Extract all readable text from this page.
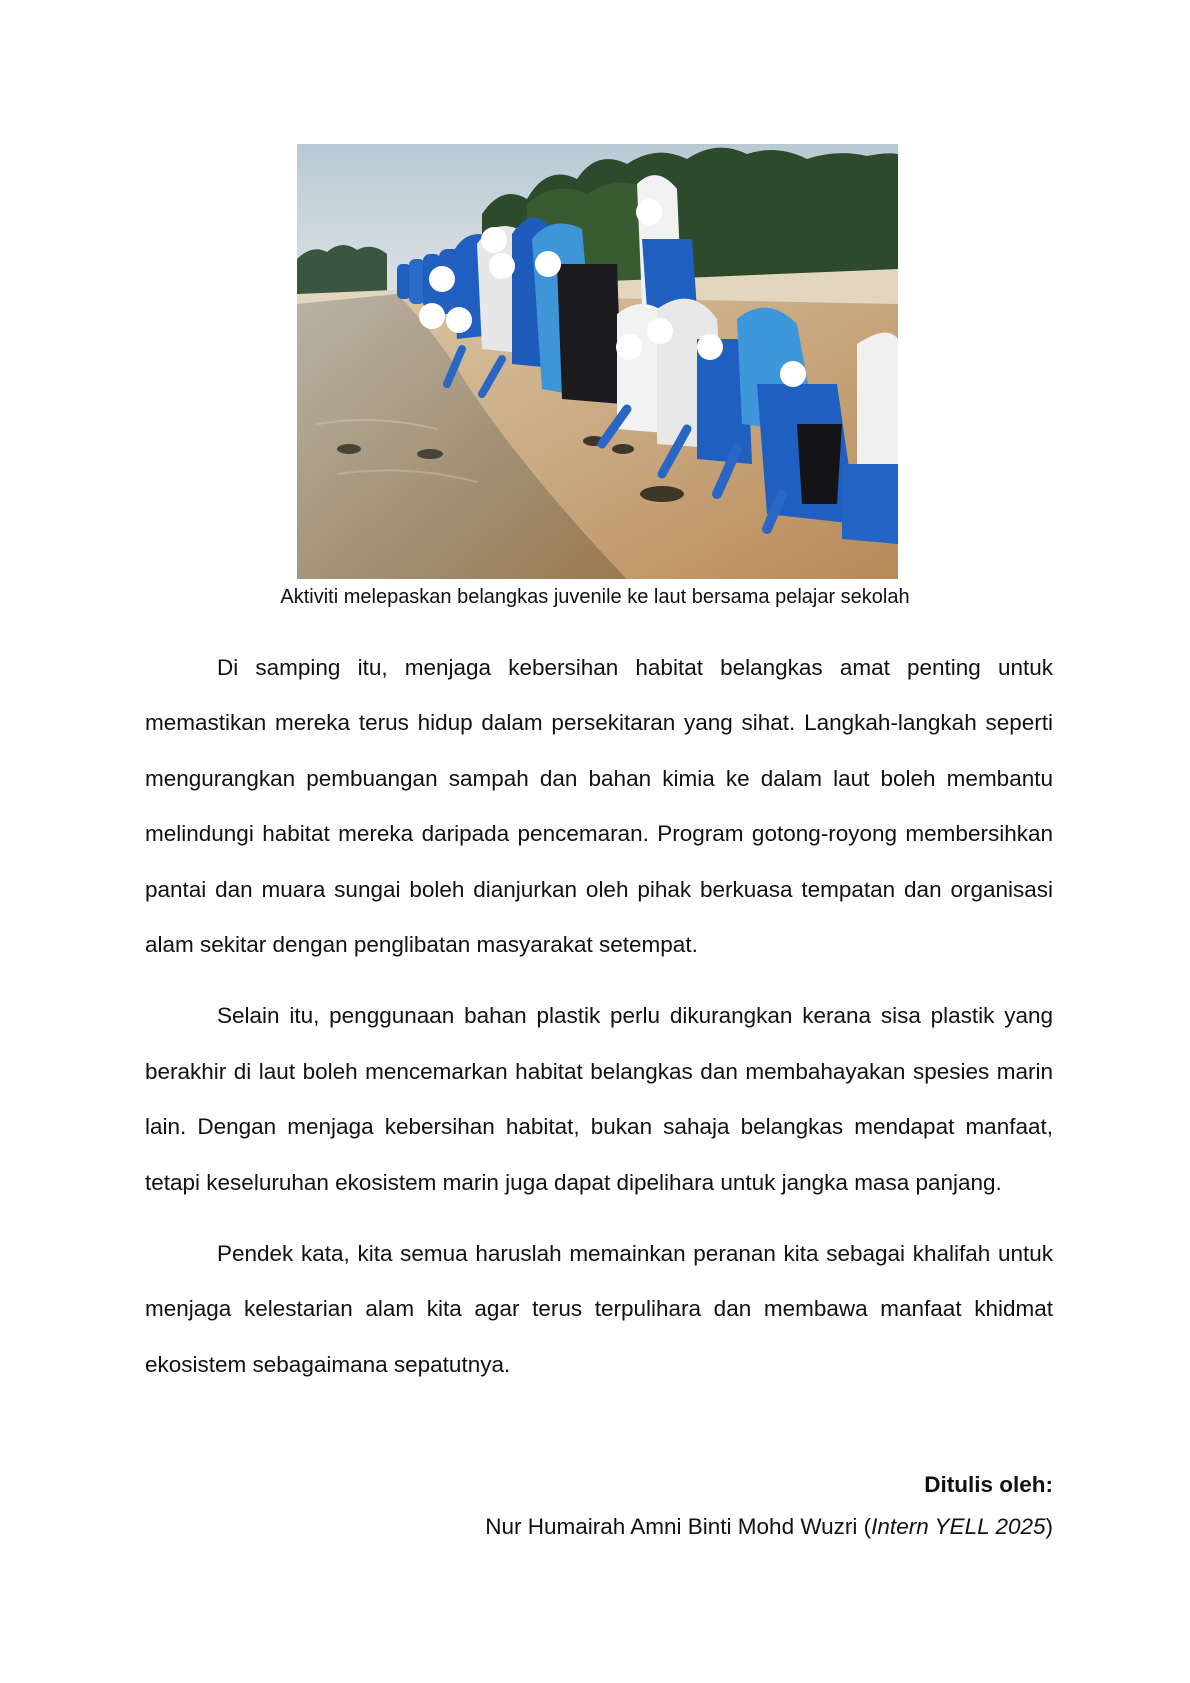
Aktiviti melepaskan belangkas juvenile ke laut bersama pelajar sekolah

Di samping itu, menjaga kebersihan habitat belangkas amat penting untuk memastikan mereka terus hidup dalam persekitaran yang sihat. Langkah-langkah seperti mengurangkan pembuangan sampah dan bahan kimia ke dalam laut boleh membantu melindungi habitat mereka daripada pencemaran. Program gotong-royong membersihkan pantai dan muara sungai boleh dianjurkan oleh pihak berkuasa tempatan dan organisasi alam sekitar dengan penglibatan masyarakat setempat.

Selain itu, penggunaan bahan plastik perlu dikurangkan kerana sisa plastik yang berakhir di laut boleh mencemarkan habitat belangkas dan membahayakan spesies marin lain. Dengan menjaga kebersihan habitat, bukan sahaja belangkas mendapat manfaat, tetapi keseluruhan ekosistem marin juga dapat dipelihara untuk jangka masa panjang.

Pendek kata, kita semua haruslah memainkan peranan kita sebagai khalifah untuk menjaga kelestarian alam kita agar terus terpulihara dan membawa manfaat khidmat ekosistem sebagaimana sepatutnya.

Ditulis oleh:
Nur Humairah Amni Binti Mohd Wuzri (Intern YELL 2025)
